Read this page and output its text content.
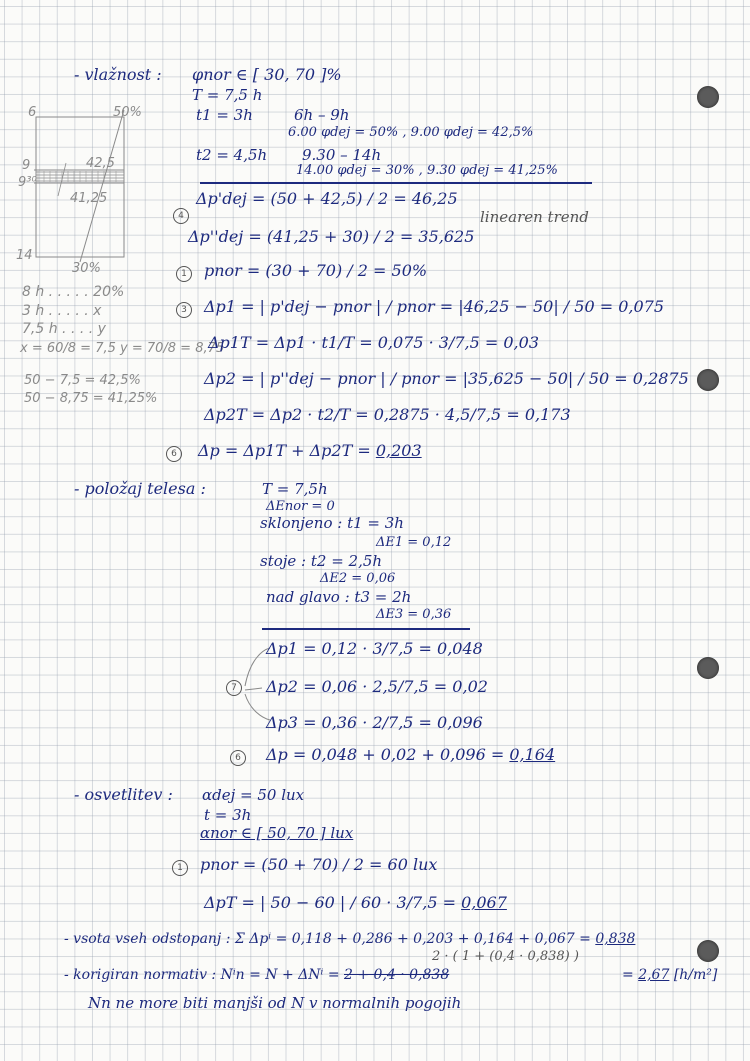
6	50%
9
9³⁰
42,5
41,25
14
30%
8 h . . . . . 20%
3 h . . . . . x
7,5 h . . . . y
x = 60/8 = 7,5 y = 70/8 = 8,75
50 − 7,5 = 42,5%
50 − 8,75 = 41,25%
- vlažnost : φnor ∈ [ 30, 70 ]%
T = 7,5 h
t1 = 3h	6h – 9h
6.00 φdej = 50% , 9.00 φdej = 42,5%
t2 = 4,5h 9.30 – 14h
14.00 φdej = 30% , 9.30 φdej = 41,25%
4
Δp'dej = (50 + 42,5) / 2 = 46,25
Δp''dej = (41,25 + 30) / 2 = 35,625
linearen trend
1	pnor = (30 + 70) / 2 = 50%
3	Δp1 = | p'dej − pnor | / pnor = |46,25 − 50| / 50 = 0,075
Δp1T = Δp1 · t1/T = 0,075 · 3/7,5 = 0,03
Δp2 = | p''dej − pnor | / pnor = |35,625 − 50| / 50 = 0,2875
Δp2T = Δp2 · t2/T = 0,2875 · 4,5/7,5 = 0,173
6	Δp = Δp1T + Δp2T = 0,203
- položaj telesa :	T = 7,5h
ΔEnor = 0
sklonjeno : t1 = 3h
ΔE1 = 0,12
stoje : t2 = 2,5h
ΔE2 = 0,06
nad glavo : t3 = 2h
ΔE3 = 0,36
7
Δp1 = 0,12 · 3/7,5 = 0,048
Δp2 = 0,06 · 2,5/7,5 = 0,02
Δp3 = 0,36 · 2/7,5 = 0,096
6	Δp = 0,048 + 0,02 + 0,096 = 0,164
- osvetlitev : αdej = 50 lux
t = 3h
αnor ∈ [ 50, 70 ] lux
1	pnor = (50 + 70) / 2 = 60 lux
ΔpT = | 50 − 60 | / 60 · 3/7,5 = 0,067
- vsota vseh odstopanj : Σ Δpⁱ = 0,118 + 0,286 + 0,203 + 0,164 + 0,067 = 0,838
2 · ( 1 + (0,4 · 0,838) )
- korigiran normativ : Nⁱn = N + ΔNⁱ = 2 + 0,4 · 0,838	= 2,67 [h/m²]
Nn ne more biti manjši od N v normalnih pogojih
